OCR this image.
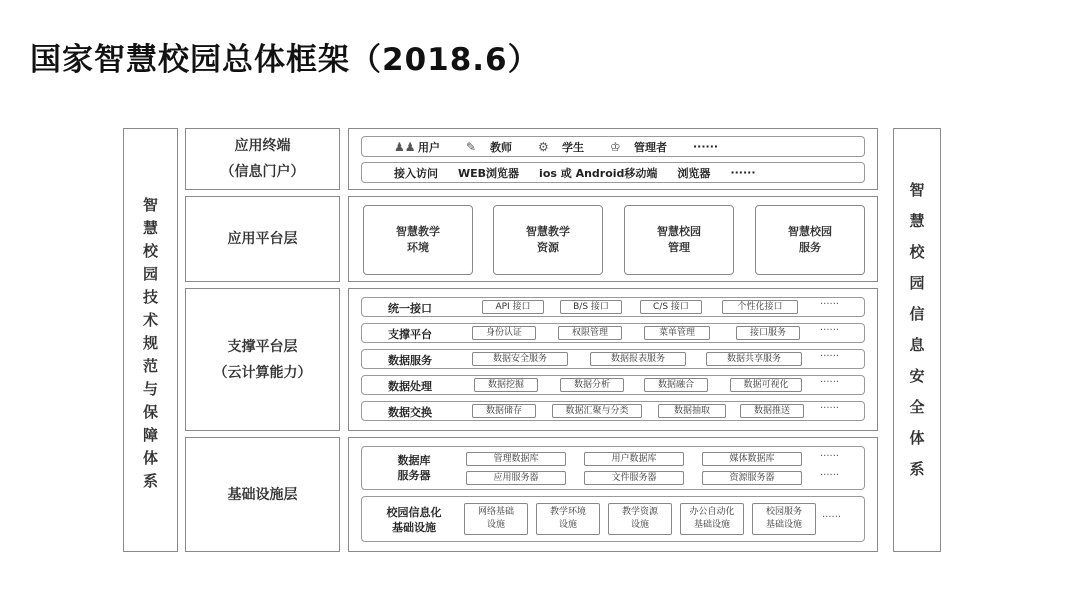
国家智慧校园总体框架（2018.6）
智
慧
校
园
技
术
规
范
与
保
障
体
系
智
慧
校
园
信
息
安
全
体
系
应用终端
（信息门户）
♟♟ 用户 ✎	教师 ⚙	学生 ♔	管理者 ······
接入访问 WEB浏览器 ios 或 Android移动端 浏览器 ······
应用平台层	智慧教学
环境
智慧教学
资源
智慧校园
管理
智慧校园
服务
支撑平台层
（云计算能力）
统一接口	API 接口	B/S 接口	C/S 接口	个性化接口	······
支撑平台	身份认证	权限管理	菜单管理	接口服务	······
数据服务	数据安全服务	数据报表服务	数据共享服务	······
数据处理	数据挖掘	数据分析	数据融合	数据可视化	······
数据交换	数据储存	数据汇聚与分类	数据抽取	数据推送	······
基础设施层
数据库
服务器
管理数据库	用户数据库	媒体数据库	······
应用服务器	文件服务器	资源服务器	······
校园信息化
基础设施
网络基础
设施
教学环境
设施
教学资源
设施
办公自动化
基础设施
校园服务
基础设施
······
